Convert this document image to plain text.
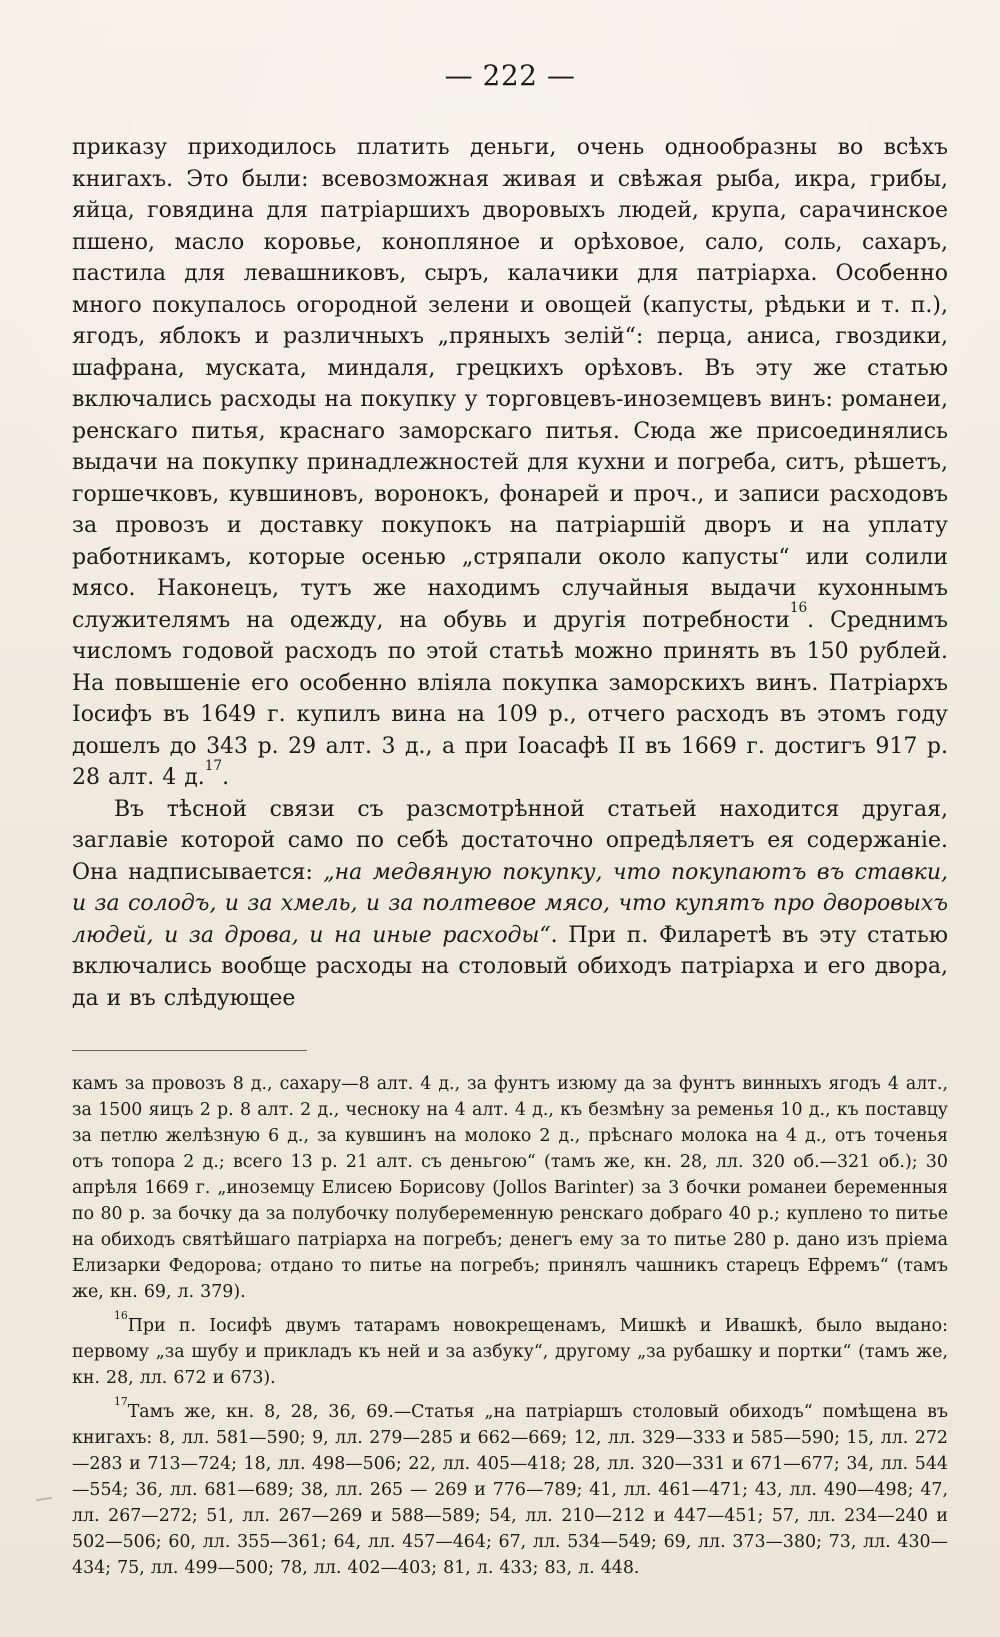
— 222 —

приказу приходилось платить деньги, очень однообразны во всѣхъ книгахъ. Это были: всевозможная живая и свѣжая рыба, икра, грибы, яйца, говядина для патріаршихъ дворовыхъ людей, крупа, сарачинское пшено, масло коровье, конопляное и орѣховое, сало, соль, сахаръ, пастила для левашниковъ, сыръ, калачики для патріарха. Особенно много покупалось огородной зелени и овощей (капусты, рѣдьки и т. п.), ягодъ, яблокъ и различныхъ „пряныхъ зелій“: перца, аниса, гвоздики, шафрана, муската, миндаля, грецкихъ орѣховъ. Въ эту же статью включались расходы на покупку у торговцевъ-иноземцевъ винъ: романеи, ренскаго питья, краснаго заморскаго питья. Сюда же присоединялись выдачи на покупку принадлежностей для кухни и погреба, ситъ, рѣшетъ, горшечковъ, кувшиновъ, воронокъ, фонарей и проч., и записи расходовъ за провозъ и доставку покупокъ на патріаршій дворъ и на уплату работникамъ, которые осенью „стряпали около капусты“ или солили мясо. Наконецъ, тутъ же находимъ случайныя выдачи кухоннымъ служителямъ на одежду, на обувь и другія потребности$^{16}$. Среднимъ числомъ годовой расходъ по этой статьѣ можно принять въ 150 рублей. На повышеніе его особенно вліяла покупка заморскихъ винъ. Патріархъ Іосифъ въ 1649 г. купилъ вина на 109 р., отчего расходъ въ этомъ году дошелъ до 343 р. 29 алт. 3 д., а при Іоасафѣ II въ 1669 г. достигъ 917 р. 28 алт. 4 д.$^{17}$.

Въ тѣсной связи съ разсмотрѣнной статьей находится другая, заглавіе которой само по себѣ достаточно опредѣляетъ ея содержаніе. Она надписывается: „на медвяную покупку, что покупаютъ въ ставки, и за солодъ, и за хмель, и за полтевое мясо, что купятъ про дворовыхъ людей, и за дрова, и на иные расходы“. При п. Филаретѣ въ эту статью включались вообще расходы на столовый обиходъ патріарха и его двора, да и въ слѣдующее

камъ за провозъ 8 д., сахару—8 алт. 4 д., за фунтъ изюму да за фунтъ винныхъ ягодъ 4 алт., за 1500 яицъ 2 р. 8 алт. 2 д., чесноку на 4 алт. 4 д., къ безмѣну за ременья 10 д., къ поставцу за петлю желѣзную 6 д., за кувшинъ на молоко 2 д., прѣснаго молока на 4 д., отъ точенья отъ топора 2 д.; всего 13 р. 21 алт. съ деньгою“ (тамъ же, кн. 28, лл. 320 об.—321 об.); 30 апрѣля 1669 г. „иноземцу Елисею Борисову (Jollos Barinter) за 3 бочки романеи беременныя по 80 р. за бочку да за полубочку полубеременную ренскаго добраго 40 р.; куплено то питье на обиходъ святѣйшаго патріарха на погребъ; денегъ ему за то питье 280 р. дано изъ пріема Елизарки Федорова; отдано то питье на погребъ; принялъ чашникъ старецъ Ефремъ“ (тамъ же, кн. 69, л. 379).

$^{16}$При п. Іосифѣ двумъ татарамъ новокрещенамъ, Мишкѣ и Ивашкѣ, было выдано: первому „за шубу и прикладъ къ ней и за азбуку“, другому „за рубашку и портки“ (тамъ же, кн. 28, лл. 672 и 673).

$^{17}$Тамъ же, кн. 8, 28, 36, 69.—Статья „на патріаршъ столовый обиходъ“ помѣщена въ книгахъ: 8, лл. 581—590; 9, лл. 279—285 и 662—669; 12, лл. 329—333 и 585—590; 15, лл. 272—283 и 713—724; 18, лл. 498—506; 22, лл. 405—418; 28, лл. 320—331 и 671—677; 34, лл. 544—554; 36, лл. 681—689; 38, лл. 265 — 269 и 776—789; 41, лл. 461—471; 43, лл. 490—498; 47, лл. 267—272; 51, лл. 267—269 и 588—589; 54, лл. 210—212 и 447—451; 57, лл. 234—240 и 502—506; 60, лл. 355—361; 64, лл. 457—464; 67, лл. 534—549; 69, лл. 373—380; 73, лл. 430—434; 75, лл. 499—500; 78, лл. 402—403; 81, л. 433; 83, л. 448.
